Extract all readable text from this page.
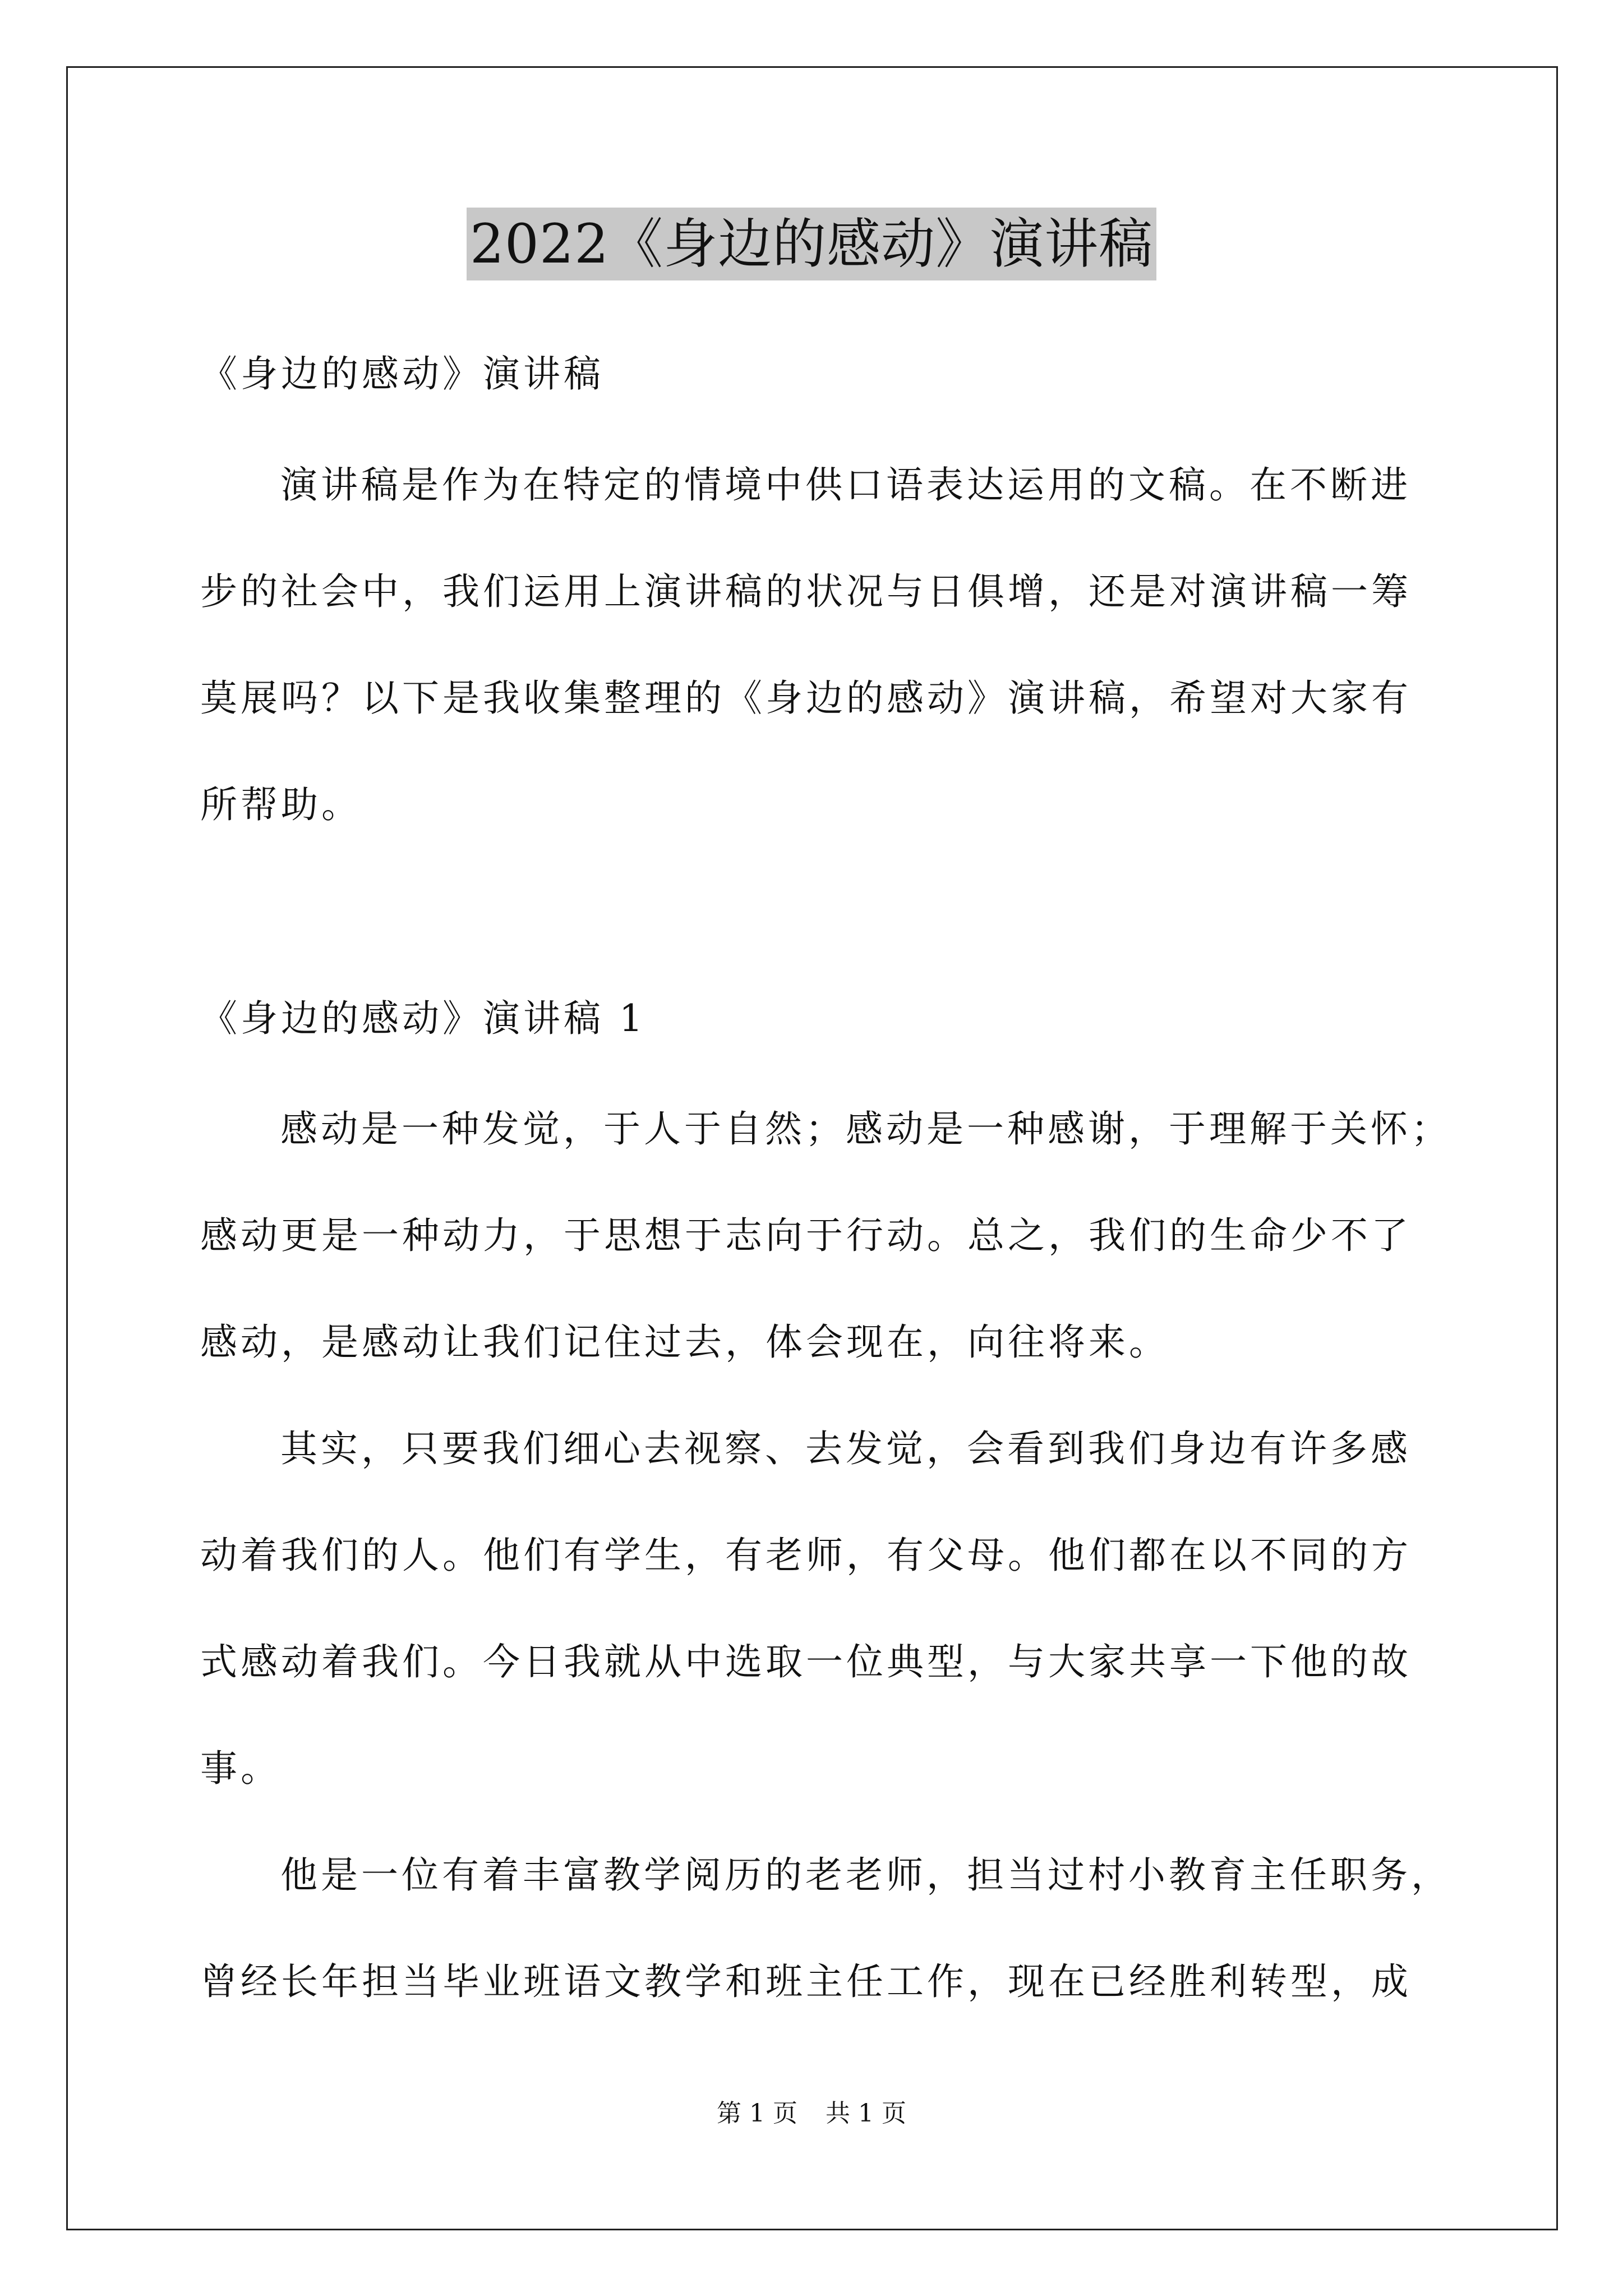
2022《身边的感动》演讲稿
《身边的感动》演讲稿
演讲稿是作为在特定的情境中供口语表达运用的文稿。在不断进
步的社会中，我们运用上演讲稿的状况与日俱增，还是对演讲稿一筹
莫展吗？以下是我收集整理的《身边的感动》演讲稿，希望对大家有
所帮助。
《身边的感动》演讲稿 1
感动是一种发觉，于人于自然；感动是一种感谢，于理解于关怀；
感动更是一种动力，于思想于志向于行动。总之，我们的生命少不了
感动，是感动让我们记住过去，体会现在，向往将来。
其实，只要我们细心去视察、去发觉，会看到我们身边有许多感
动着我们的人。他们有学生，有老师，有父母。他们都在以不同的方
式感动着我们。今日我就从中选取一位典型，与大家共享一下他的故
事。
他是一位有着丰富教学阅历的老老师，担当过村小教育主任职务，
曾经长年担当毕业班语文教学和班主任工作，现在已经胜利转型，成
第 1 页 共 1 页
